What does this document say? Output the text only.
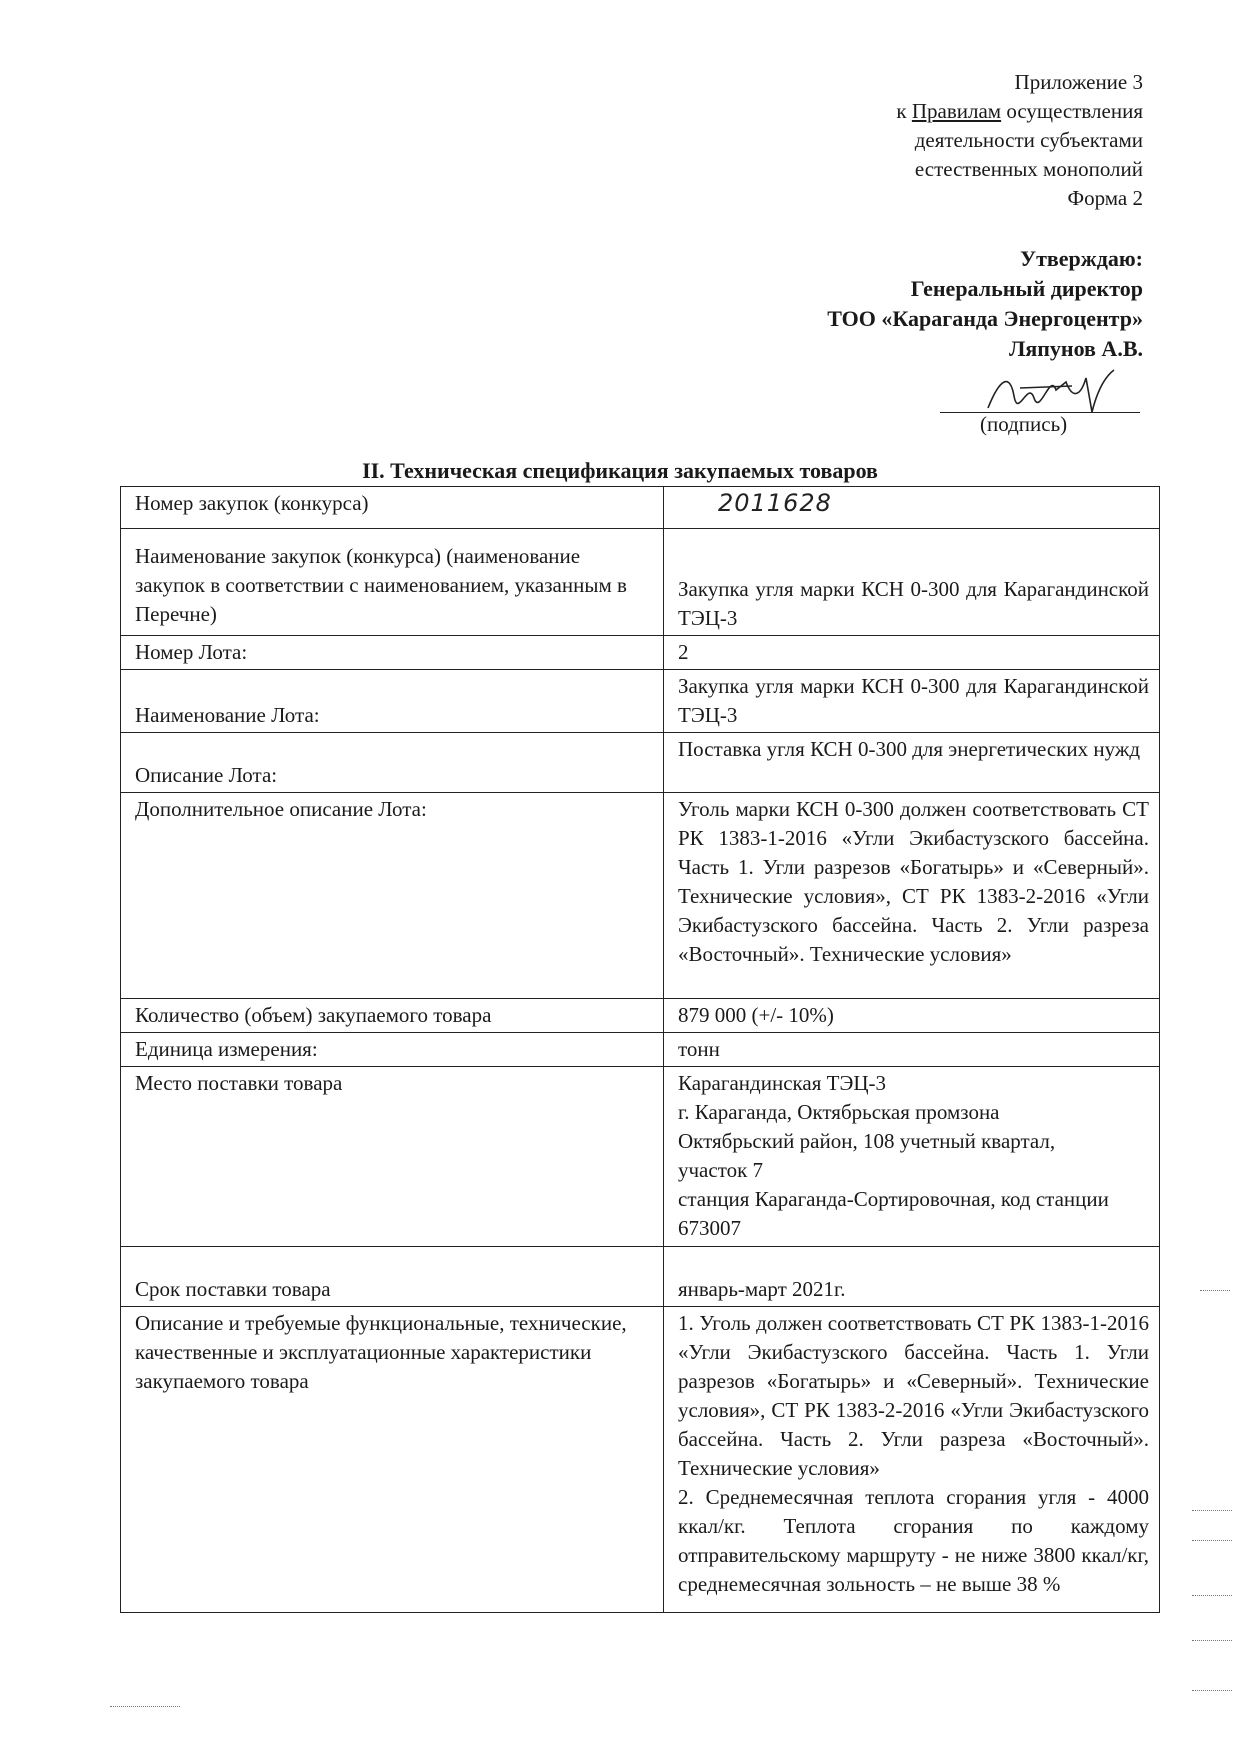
Приложение 3
к Правилам осуществления
деятельности субъектами
естественных монополий
Форма 2
Утверждаю:
Генеральный директор
ТОО «Караганда Энергоцентр»
Ляпунов А.В.
(подпись)
II. Техническая спецификация закупаемых товаров
Номер закупок (конкурса)	2011628
Наименование закупок (конкурса) (наименование закупок в соответствии с наименованием, указанным в Перечне)	Закупка угля марки КСН 0-300 для Карагандинской ТЭЦ-3
Номер Лота:	2
Наименование Лота:	Закупка угля марки КСН 0-300 для Карагандинской ТЭЦ-3
Описание Лота:	Поставка угля КСН 0-300 для энергетических нужд
Дополнительное описание Лота:	Уголь марки КСН 0-300 должен соответствовать СТ РК 1383-1-2016 «Угли Экибастузского бассейна. Часть 1. Угли разрезов «Богатырь» и «Северный». Технические условия», СТ РК 1383-2-2016 «Угли Экибастузского бассейна. Часть 2. Угли разреза «Восточный». Технические условия»
Количество (объем) закупаемого товара	879 000 (+/- 10%)
Единица измерения:	тонн
Место поставки товара	Карагандинская ТЭЦ-3
г. Караганда, Октябрьская промзона
Октябрьский район, 108 учетный квартал,
участок 7
станция Караганда-Сортировочная, код станции 673007

Срок поставки товара	январь-март 2021г.
Описание и требуемые функциональные, технические, качественные и эксплуатационные характеристики закупаемого товара	1. Уголь должен соответствовать СТ РК 1383-1-2016 «Угли Экибастузского бассейна. Часть 1. Угли разрезов «Богатырь» и «Северный». Технические условия», СТ РК 1383-2-2016 «Угли Экибастузского бассейна. Часть 2. Угли разреза «Восточный». Технические условия»
2. Среднемесячная теплота сгорания угля - 4000 ккал/кг. Теплота сгорания по каждому отправительскому маршруту - не ниже 3800 ккал/кг, среднемесячная зольность – не выше 38 %
